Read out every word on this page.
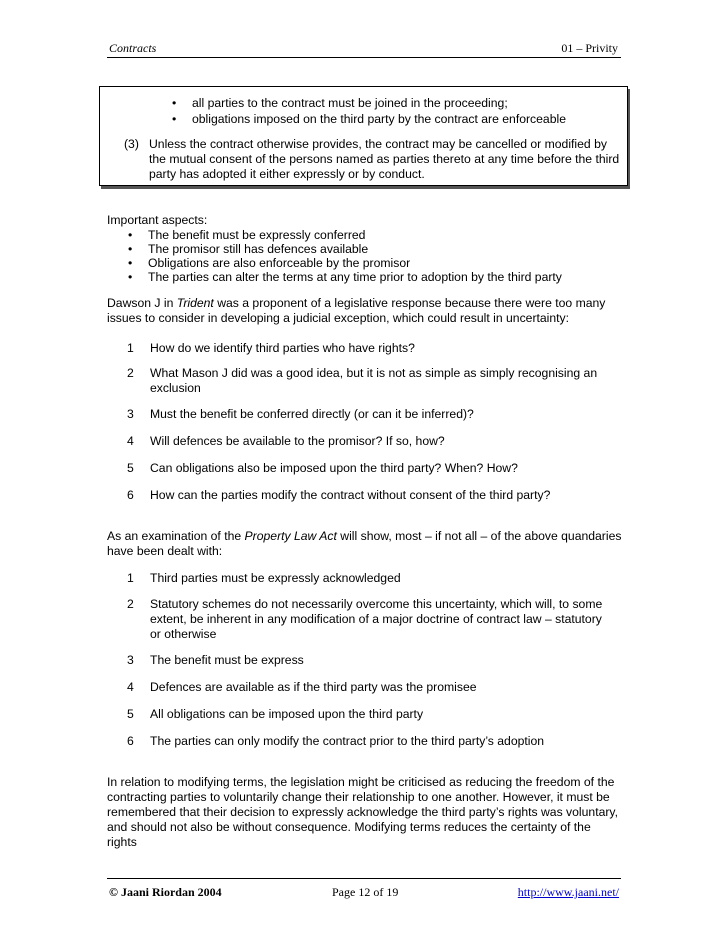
Contracts	01 – Privity
• all parties to the contract must be joined in the proceeding;
• obligations imposed on the third party by the contract are enforceable
(3) Unless the contract otherwise provides, the contract may be cancelled or modified by the mutual consent of the persons named as parties thereto at any time before the third party has adopted it either expressly or by conduct.
Important aspects:
• The benefit must be expressly conferred
• The promisor still has defences available
• Obligations are also enforceable by the promisor
• The parties can alter the terms at any time prior to adoption by the third party
Dawson J in Trident was a proponent of a legislative response because there were too many issues to consider in developing a judicial exception, which could result in uncertainty:
1 How do we identify third parties who have rights?
2 What Mason J did was a good idea, but it is not as simple as simply recognising an exclusion
3 Must the benefit be conferred directly (or can it be inferred)?
4 Will defences be available to the promisor? If so, how?
5 Can obligations also be imposed upon the third party? When? How?
6 How can the parties modify the contract without consent of the third party?
As an examination of the Property Law Act will show, most – if not all – of the above quandaries have been dealt with:
1 Third parties must be expressly acknowledged
2 Statutory schemes do not necessarily overcome this uncertainty, which will, to some extent, be inherent in any modification of a major doctrine of contract law – statutory or otherwise
3 The benefit must be express
4 Defences are available as if the third party was the promisee
5 All obligations can be imposed upon the third party
6 The parties can only modify the contract prior to the third party’s adoption
In relation to modifying terms, the legislation might be criticised as reducing the freedom of the contracting parties to voluntarily change their relationship to one another. However, it must be remembered that their decision to expressly acknowledge the third party’s rights was voluntary, and should not also be without consequence. Modifying terms reduces the certainty of the rights
© Jaani Riordan 2004	Page 12 of 19	http://www.jaani.net/
